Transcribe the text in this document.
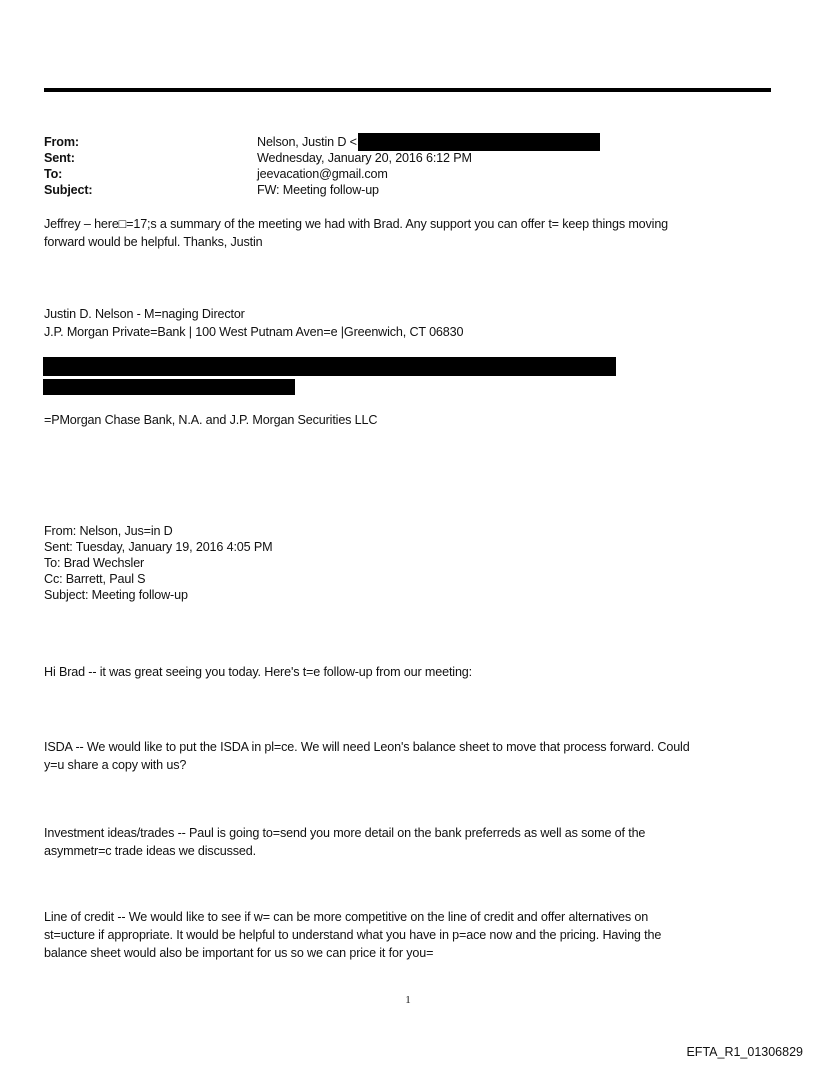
From:	Nelson, Justin D <
Sent:	Wednesday, January 20, 2016 6:12 PM
To:	jeevacation@gmail.com
Subject:	FW: Meeting follow-up
Jeffrey – here□=17;s a summary of the meeting we had with Brad. Any support you can offer t= keep things moving
forward would be helpful. Thanks, Justin
Justin D. Nelson - M=naging Director
J.P. Morgan Private=Bank | 100 West Putnam Aven=e |Greenwich, CT 06830
=PMorgan Chase Bank, N.A. and J.P. Morgan Securities LLC
From: Nelson, Jus=in D
Sent: Tuesday, January 19, 2016 4:05 PM
To: Brad Wechsler
Cc: Barrett, Paul S
Subject: Meeting follow-up
Hi Brad -- it was great seeing you today. Here's t=e follow-up from our meeting:
ISDA -- We would like to put the ISDA in pl=ce. We will need Leon's balance sheet to move that process forward. Could
y=u share a copy with us?
Investment ideas/trades -- Paul is going to=send you more detail on the bank preferreds as well as some of the
asymmetr=c trade ideas we discussed.
Line of credit -- We would like to see if w= can be more competitive on the line of credit and offer alternatives on
st=ucture if appropriate. It would be helpful to understand what you have in p=ace now and the pricing. Having the
balance sheet would also be important for us so we can price it for you=
1
EFTA_R1_01306829
